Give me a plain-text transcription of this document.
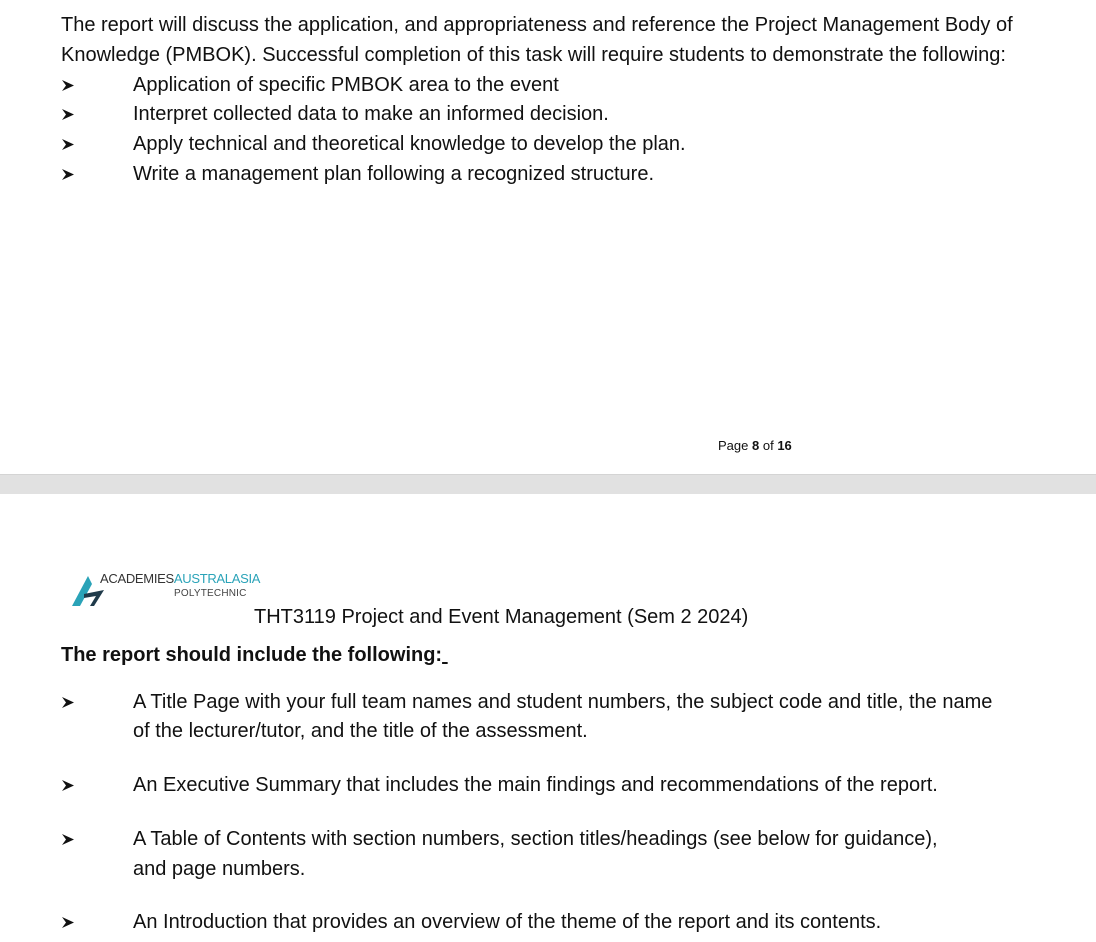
The report will discuss the application, and appropriateness and reference the Project Management Body of
Knowledge (PMBOK). Successful completion of this task will require students to demonstrate the following:
Application of specific PMBOK area to the event
Interpret collected data to make an informed decision.
Apply technical and theoretical knowledge to develop the plan.
Write a management plan following a recognized structure.
Page 8 of 16
ACADEMIESAUSTRALASIA
POLYTECHNIC
THT3119 Project and Event Management (Sem 2 2024)
The report should include the following:
A Title Page with your full team names and student numbers, the subject code and title, the name
of the lecturer/tutor, and the title of the assessment.
An Executive Summary that includes the main findings and recommendations of the report.
A Table of Contents with section numbers, section titles/headings (see below for guidance),
and page numbers.
An Introduction that provides an overview of the theme of the report and its contents.
